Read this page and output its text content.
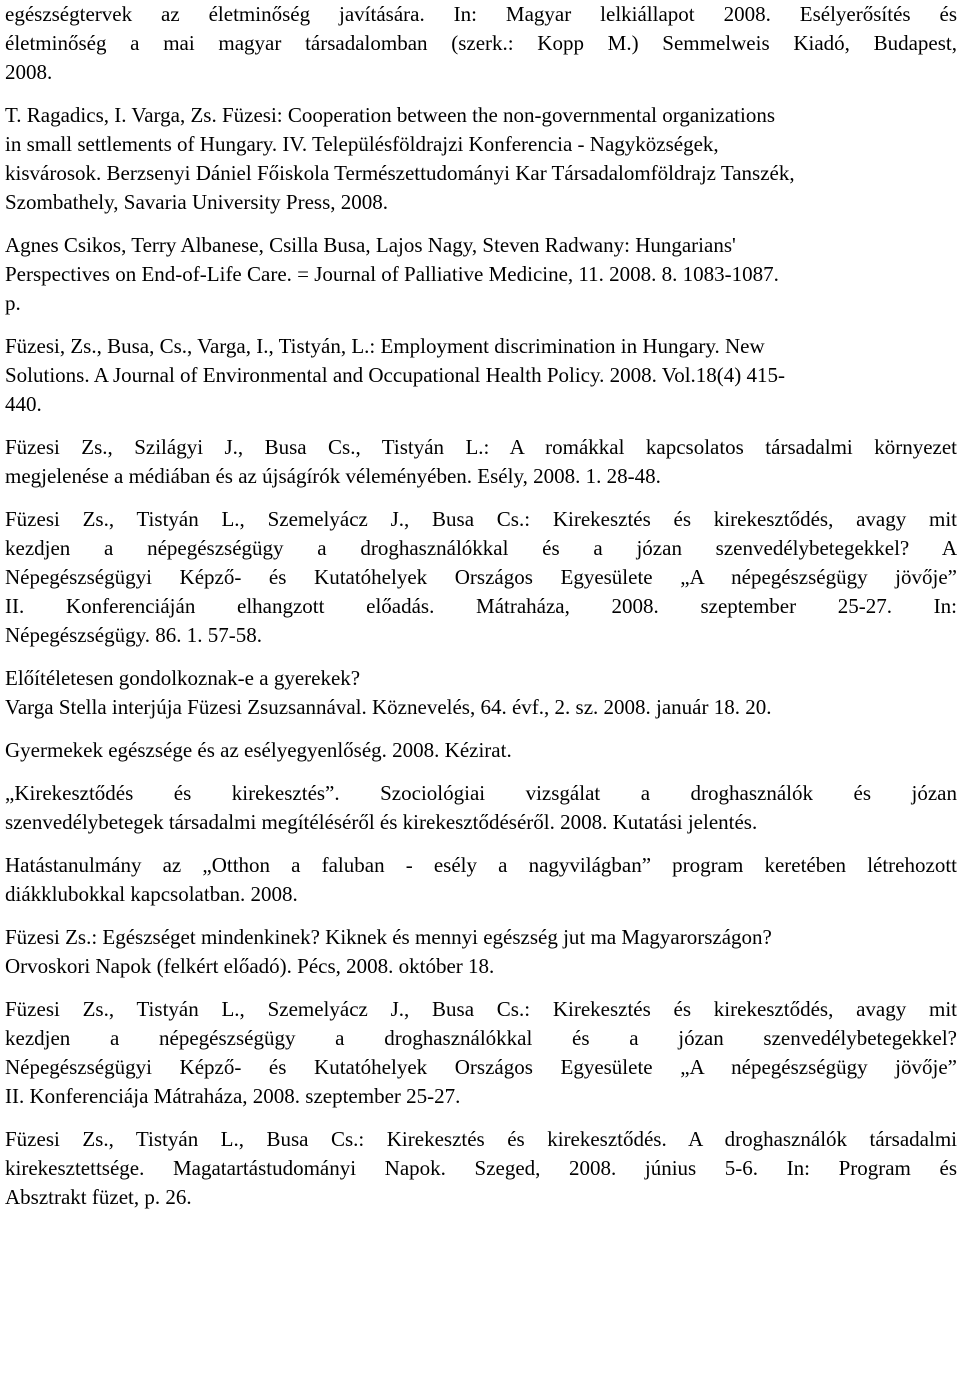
egészségtervek az életminőség javítására. In: Magyar lelkiállapot 2008. Esélyerősítés és
életminőség a mai magyar társadalomban (szerk.: Kopp M.) Semmelweis Kiadó, Budapest,
2008.
T. Ragadics, I. Varga, Zs. Füzesi: Cooperation between the non-governmental organizations
in small settlements of Hungary. IV. Településföldrajzi Konferencia - Nagyközségek,
kisvárosok. Berzsenyi Dániel Főiskola Természettudományi Kar Társadalomföldrajz Tanszék,
Szombathely, Savaria University Press, 2008.
Agnes Csikos, Terry Albanese, Csilla Busa, Lajos Nagy, Steven Radwany: Hungarians'
Perspectives on End-of-Life Care. = Journal of Palliative Medicine, 11. 2008. 8. 1083-1087.
p.
Füzesi, Zs., Busa, Cs., Varga, I., Tistyán, L.: Employment discrimination in Hungary. New
Solutions. A Journal of Environmental and Occupational Health Policy. 2008. Vol.18(4) 415-
440.
Füzesi Zs., Szilágyi J., Busa Cs., Tistyán L.: A romákkal kapcsolatos társadalmi környezet
megjelenése a médiában és az újságírók véleményében. Esély, 2008. 1. 28-48.
Füzesi Zs., Tistyán L., Szemelyácz J., Busa Cs.: Kirekesztés és kirekesztődés, avagy mit
kezdjen a népegészségügy a droghasználókkal és a józan szenvedélybetegekkel? A
Népegészségügyi Képző- és Kutatóhelyek Országos Egyesülete „A népegészségügy jövője”
II. Konferenciáján elhangzott előadás. Mátraháza, 2008. szeptember 25-27. In:
Népegészségügy. 86. 1. 57-58.
Előítéletesen gondolkoznak-e a gyerekek?
Varga Stella interjúja Füzesi Zsuzsannával. Köznevelés, 64. évf., 2. sz. 2008. január 18. 20.
Gyermekek egészsége és az esélyegyenlőség. 2008. Kézirat.
„Kirekesztődés és kirekesztés”. Szociológiai vizsgálat a droghasználók és józan
szenvedélybetegek társadalmi megítéléséről és kirekesztődéséről. 2008. Kutatási jelentés.
Hatástanulmány az „Otthon a faluban - esély a nagyvilágban” program keretében létrehozott
diákklubokkal kapcsolatban. 2008.
Füzesi Zs.: Egészséget mindenkinek? Kiknek és mennyi egészség jut ma Magyarországon?
Orvoskori Napok (felkért előadó). Pécs, 2008. október 18.
Füzesi Zs., Tistyán L., Szemelyácz J., Busa Cs.: Kirekesztés és kirekesztődés, avagy mit
kezdjen a népegészségügy a droghasználókkal és a józan szenvedélybetegekkel?
Népegészségügyi Képző- és Kutatóhelyek Országos Egyesülete „A népegészségügy jövője”
II. Konferenciája Mátraháza, 2008. szeptember 25-27.
Füzesi Zs., Tistyán L., Busa Cs.: Kirekesztés és kirekesztődés. A droghasználók társadalmi
kirekesztettsége. Magatartástudományi Napok. Szeged, 2008. június 5-6. In: Program és
Absztrakt füzet, p. 26.
